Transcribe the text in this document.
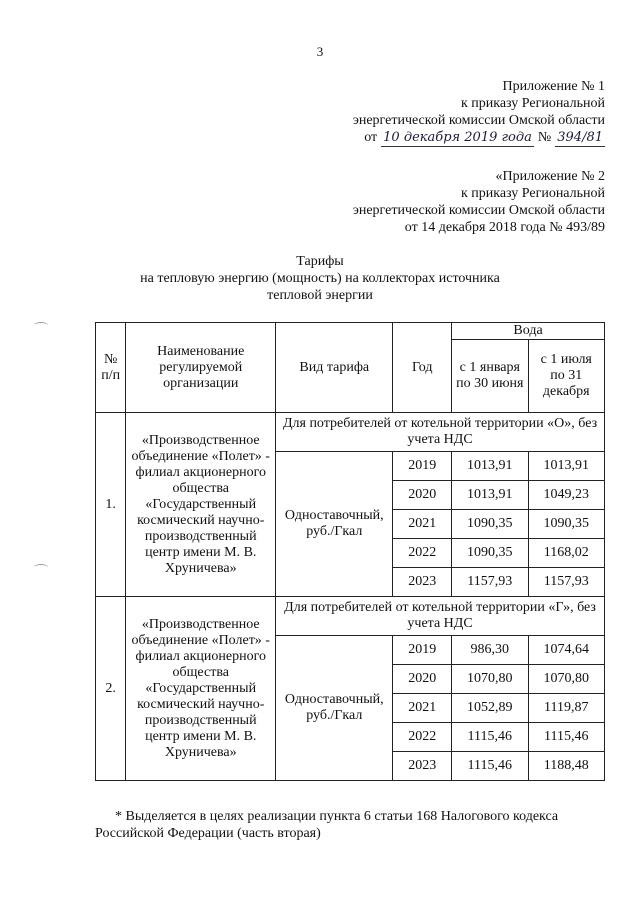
3
Приложение № 1
к приказу Региональной
энергетической комиссии Омской области
от 10 декабря 2019 года № 394/81
«Приложение № 2
к приказу Региональной
энергетической комиссии Омской области
от 14 декабря 2018 года № 493/89
Тарифы
на тепловую энергию (мощность) на коллекторах источника
тепловой энергии
№ п/п	Наименование регулируемой организации	Вид тарифа	Год	Вода	
				с 1 января по 30 июня	с 1 июля по 31 декабря
1.	«Производственное объединение «Полет» - филиал акционерного общества «Государственный космический научно-производственный центр имени М. В. Хруничева»	Для потребителей от котельной территории «О», без учета НДС			
		Одноставочный, руб./Гкал	2019	1013,91	1013,91
			2020	1013,91	1049,23
			2021	1090,35	1090,35
			2022	1090,35	1168,02
			2023	1157,93	1157,93
2.	«Производственное объединение «Полет» - филиал акционерного общества «Государственный космический научно-производственный центр имени М. В. Хруничева»	Для потребителей от котельной территории «Г», без учета НДС			
		Одноставочный, руб./Гкал	2019	986,30	1074,64
			2020	1070,80	1070,80
			2021	1052,89	1119,87
			2022	1115,46	1115,46
			2023	1115,46	1188,48
* Выделяется в целях реализации пункта 6 статьи 168 Налогового кодекса Российской Федерации (часть вторая)
